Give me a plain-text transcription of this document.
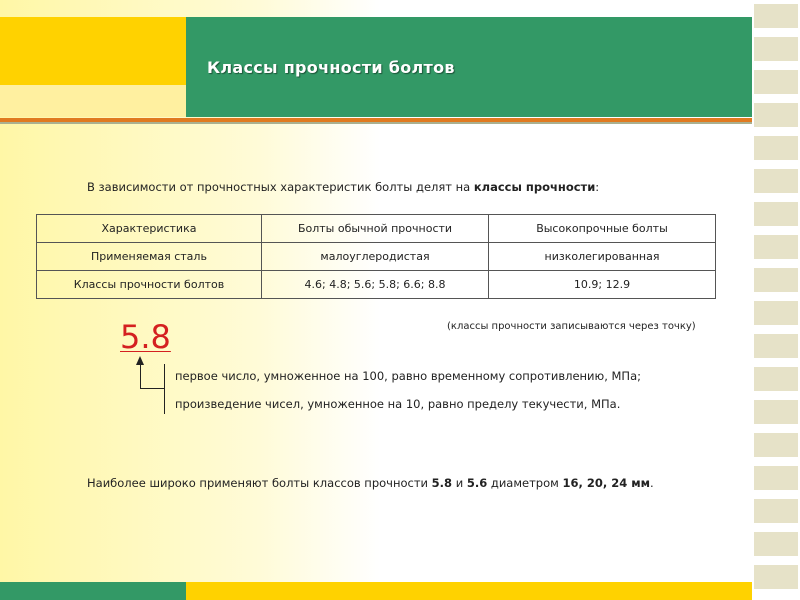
Классы прочности болтов
В зависимости от прочностных характеристик болты делят на классы прочности:
Характеристика	Болты обычной прочности	Высокопрочные болты
Применяемая сталь	малоуглеродистая	низколегированная
Классы прочности болтов	4.6; 4.8; 5.6; 5.8; 6.6; 8.8	10.9; 12.9
5.8	(классы прочности записываются через точку)
первое число, умноженное на 100, равно временному сопротивлению, МПа;
произведение чисел, умноженное на 10, равно пределу текучести, МПа.
Наиболее широко применяют болты классов прочности 5.8 и 5.6 диаметром 16, 20, 24 мм.
